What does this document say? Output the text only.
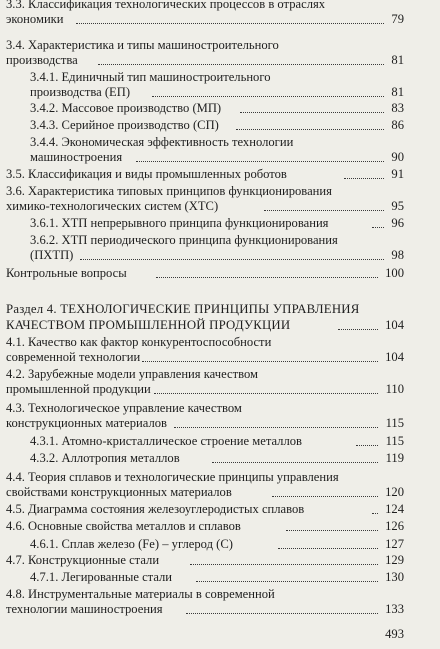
3.3. Классификация технологических процессов в отраслях
экономики	79
3.4. Характеристика и типы машиностроительного
производства	81
3.4.1. Единичный тип машиностроительного
производства (ЕП)	81
3.4.2. Массовое производство (МП)	83
3.4.3. Серийное производство (СП)	86
3.4.4. Экономическая эффективность технологии
машиностроения	90
3.5. Классификация и виды промышленных роботов	91
3.6. Характеристика типовых принципов функционирования
химико-технологических систем (ХТС)	95
3.6.1. ХТП непрерывного принципа функционирования	96
3.6.2. ХТП периодического принципа функционирования
(ПХТП)	98
Контрольные вопросы	100
Раздел 4. ТЕХНОЛОГИЧЕСКИЕ ПРИНЦИПЫ УПРАВЛЕНИЯ
КАЧЕСТВОМ ПРОМЫШЛЕННОЙ ПРОДУКЦИИ	104
4.1. Качество как фактор конкурентоспособности
современной технологии	104
4.2. Зарубежные модели управления качеством
промышленной продукции	110
4.3. Технологическое управление качеством
конструкционных материалов	115
4.3.1. Атомно-кристаллическое строение металлов	115
4.3.2. Аллотропия металлов	119
4.4. Теория сплавов и технологические принципы управления
свойствами конструкционных материалов	120
4.5. Диаграмма состояния железоуглеродистых сплавов	124
4.6. Основные свойства металлов и сплавов	126
4.6.1. Сплав железо (Fe) – углерод (С)	127
4.7. Конструкционные стали	129
4.7.1. Легированные стали	130
4.8. Инструментальные материалы в современной
технологии машиностроения	133
493
